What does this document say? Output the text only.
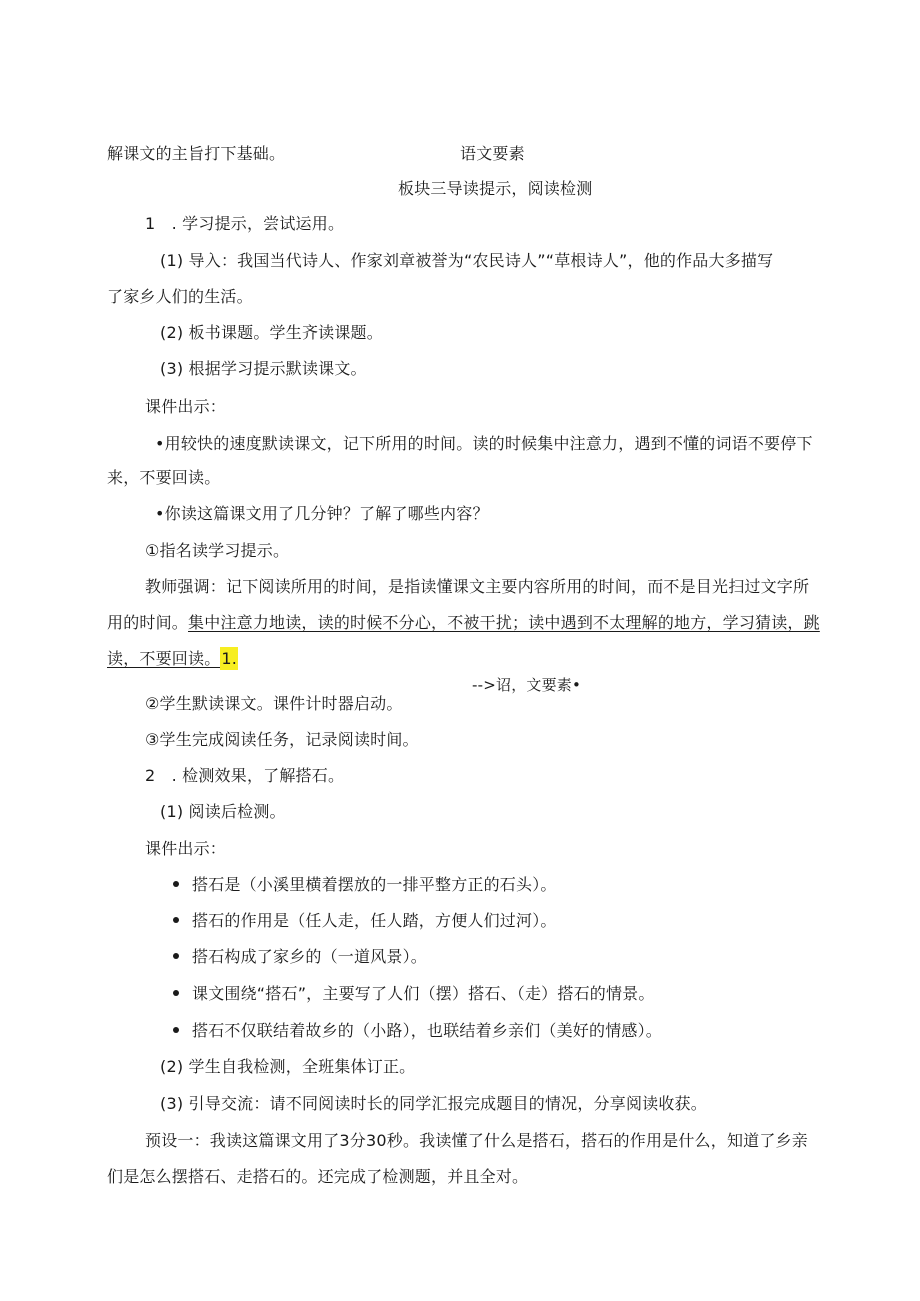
解课文的主旨打下基础。	语文要素
板块三导读提示，阅读检测
1　. 学习提示，尝试运用。
(1) 导入：我国当代诗人、作家刘章被誉为“农民诗人”“草根诗人”，他的作品大多描写
了家乡人们的生活。
(2) 板书课题。学生齐读课题。
(3) 根据学习提示默读课文。
课件出示：
•用较快的速度默读课文，记下所用的时间。读的时候集中注意力，遇到不懂的词语不要停下
来，不要回读。
•你读这篇课文用了几分钟？了解了哪些内容？
①指名读学习提示。
教师强调：记下阅读所用的时间，是指读懂课文主要内容所用的时间，而不是目光扫过文字所
用的时间。集中注意力地读，读的时候不分心，不被干扰；读中遇到不太理解的地方，学习猜读，跳
读，不要回读。1.
-->诏，文要素•
②学生默读课文。课件计时器启动。
③学生完成阅读任务，记录阅读时间。
2　. 检测效果，了解搭石。
(1) 阅读后检测。
课件出示：
搭石是（小溪里横着摆放的一排平整方正的石头）。
搭石的作用是（任人走，任人踏，方便人们过河）。
搭石构成了家乡的（一道风景）。
课文围绕“搭石”，主要写了人们（摆）搭石、（走）搭石的情景。
搭石不仅联结着故乡的（小路），也联结着乡亲们（美好的情感）。
(2) 学生自我检测，全班集体订正。
(3) 引导交流：请不同阅读时长的同学汇报完成题目的情况，分享阅读收获。
预设一：我读这篇课文用了3分30秒。我读懂了什么是搭石，搭石的作用是什么，知道了乡亲
们是怎么摆搭石、走搭石的。还完成了检测题，并且全对。
